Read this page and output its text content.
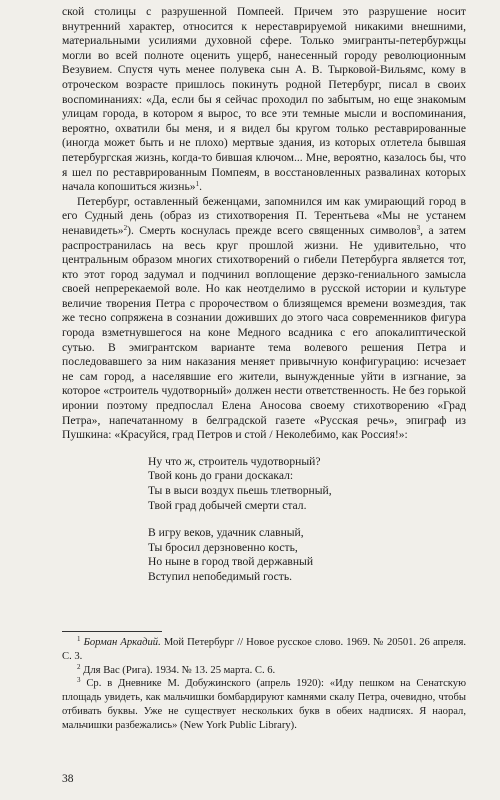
ской столицы с разрушенной Помпеей. Причем это разрушение носит внутренний характер, относится к нереставрируемой никакими внешними, материальными усилиями духовной сфере. Только эмигранты-петербуржцы могли во всей полноте оценить ущерб, нанесенный городу революционным Везувием. Спустя чуть менее полувека сын А. В. Тырковой-Вильямс, кому в отроческом возрасте пришлось покинуть родной Петербург, писал в своих воспоминаниях: «Да, если бы я сейчас проходил по забытым, но еще знакомым улицам города, в котором я вырос, то все эти темные мысли и воспоминания, вероятно, охватили бы меня, и я видел бы кругом только реставрированные (иногда может быть и не плохо) мертвые здания, из которых отлетела бывшая петербургская жизнь, когда-то бившая ключом... Мне, вероятно, казалось бы, что я шел по реставрированным Помпеям, в восстановленных развалинах которых начала копошиться жизнь»$^1$.

Петербург, оставленный беженцами, запомнился им как умирающий город в его Судный день (образ из стихотворения П. Терентьева «Мы не устанем ненавидеть»$^2$). Смерть коснулась прежде всего священных символов$^3$, а затем распространилась на весь круг прошлой жизни. Не удивительно, что центральным образом многих стихотворений о гибели Петербурга является тот, кто этот город задумал и подчинил воплощение дерзко-гениального замысла своей непререкаемой воле. Но как неотделимо в русской истории и культуре величие творения Петра с пророчеством о близящемся времени возмездия, так же тесно сопряжена в сознании доживших до этого часа современников фигура города взметнувшегося на коне Медного всадника с его апокалиптической сутью. В эмигрантском варианте тема волевого решения Петра и последовавшего за ним наказания меняет привычную конфигурацию: исчезает не сам город, а населявшие его жители, вынужденные уйти в изгнание, за которое «строитель чудотворный» должен нести ответственность. Не без горькой иронии поэтому предпослал Елена Аносова своему стихотворению «Град Петра», напечатанному в белградской газете «Русская речь», эпиграф из Пушкина: «Красуйся, град Петров и стой / Неколебимо, как Россия!»:

Ну что ж, строитель чудотворный?
Твой конь до грани доскакал:
Ты в выси воздух пьешь тлетворный,
Твой град добычей смерти стал.
В игру веков, удачник славный,
Ты бросил дерзновенно кость,
Но ныне в город твой державный
Вступил непобедимый гость.

$^1$ Борман Аркадий. Мой Петербург // Новое русское слово. 1969. № 20501. 26 апреля. С. 3.

$^2$ Для Вас (Рига). 1934. № 13. 25 марта. С. 6.

$^3$ Ср. в Дневнике М. Добужинского (апрель 1920): «Иду пешком на Сенатскую площадь увидеть, как мальчишки бомбардируют камнями скалу Петра, очевидно, чтобы отбивать буквы. Уже не существует нескольких букв в обеих надписях. Я наорал, мальчишки разбежались» (New York Public Library).

38
